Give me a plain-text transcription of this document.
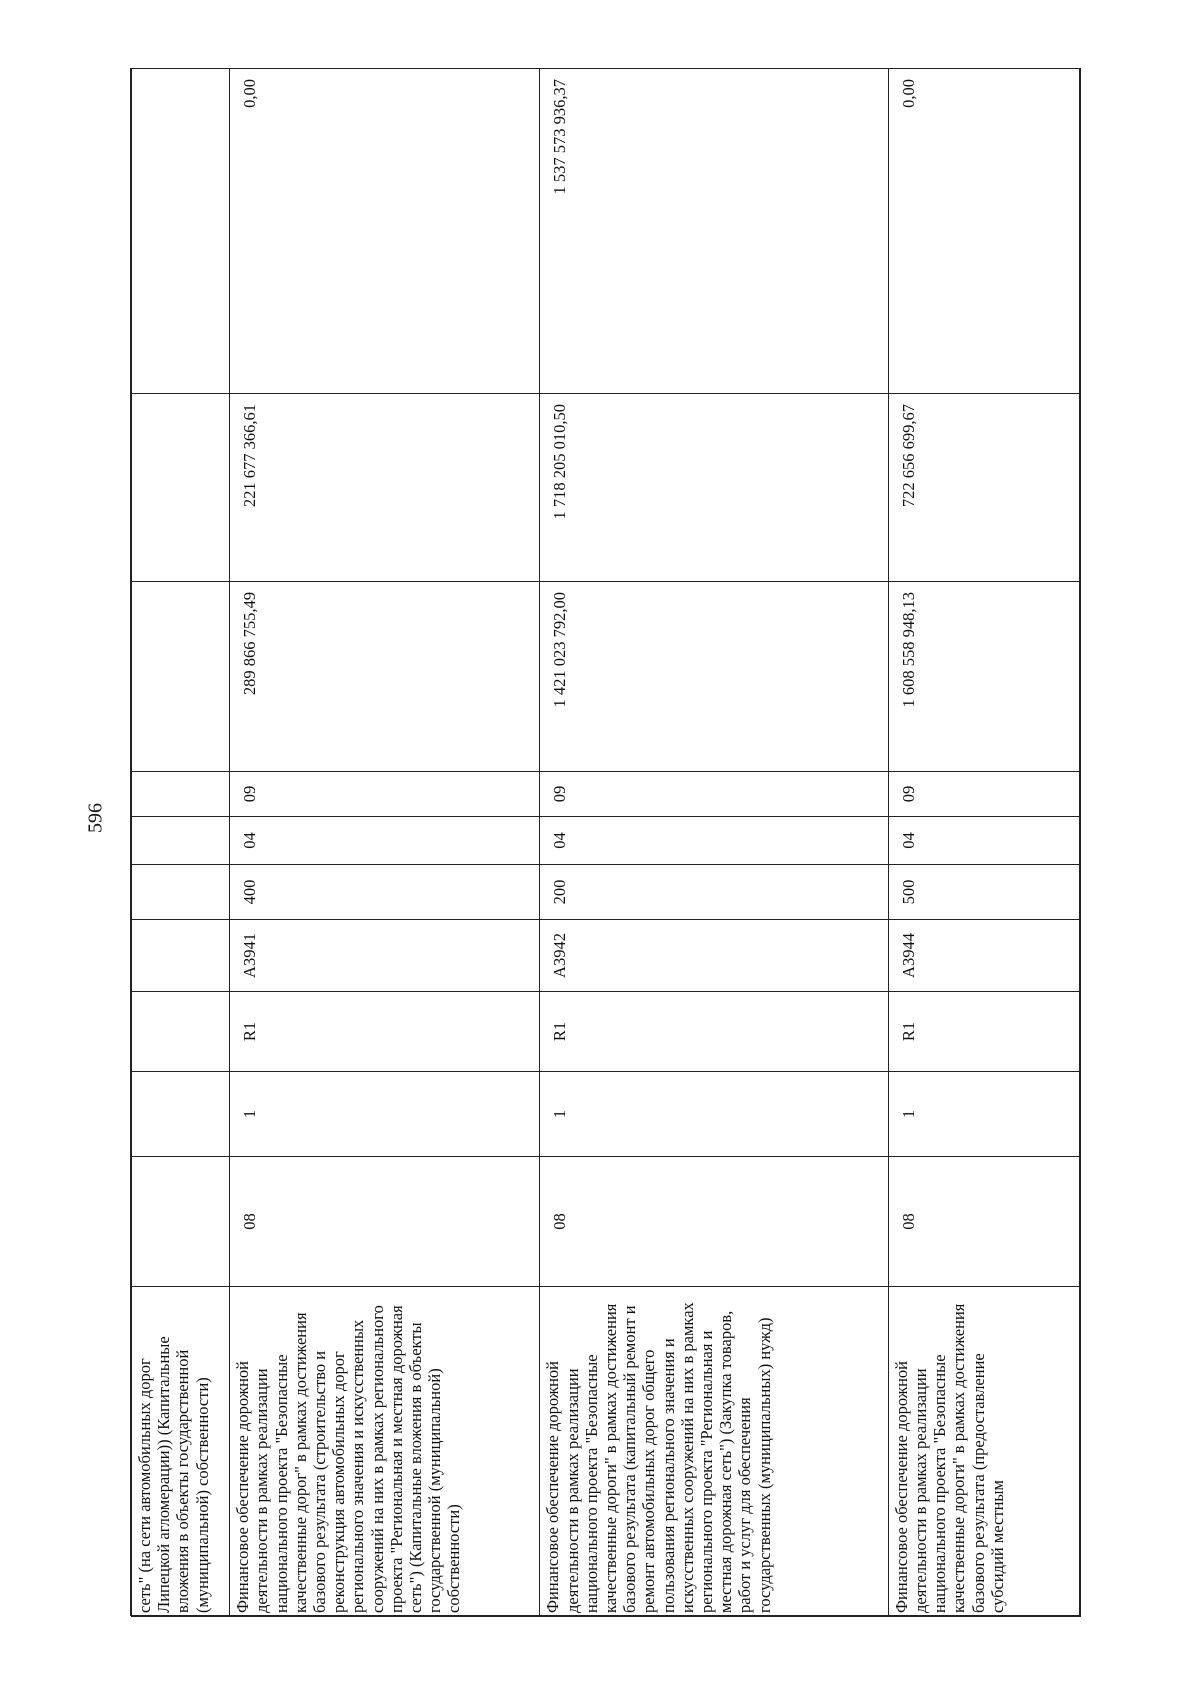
596
сеть" (на сети автомобильных дорог Липецкой агломерации)) (Капитальные вложения в объекты государственной (муниципальной) собственности)										
Финансовое обеспечение дорожной деятельности в рамках реализации национального проекта "Безопасные качественные дорог" в рамках достижения базового результата (строительство и реконструкция автомобильных дорог регионального значения и искусственных сооружений на них в рамках регионального проекта "Региональная и местная дорожная сеть") (Капитальные вложения в объекты государственной (муниципальной) собственности)	08	1	R1	А3941	400	04	09	289 866 755,49	221 677 366,61	0,00
Финансовое обеспечение дорожной деятельности в рамках реализации национального проекта "Безопасные качественные дороги" в рамках достижения базового результата (капитальный ремонт и ремонт автомобильных дорог общего пользования регионального значения и искусственных сооружений на них в рамках регионального проекта "Региональная и местная дорожная сеть") (Закупка товаров, работ и услуг для обеспечения государственных (муниципальных) нужд)	08	1	R1	А3942	200	04	09	1 421 023 792,00	1 718 205 010,50	1 537 573 936,37
Финансовое обеспечение дорожной деятельности в рамках реализации национального проекта "Безопасные качественные дороги" в рамках достижения базового результата (предоставление субсидий местным	08	1	R1	А3944	500	04	09	1 608 558 948,13	722 656 699,67	0,00
